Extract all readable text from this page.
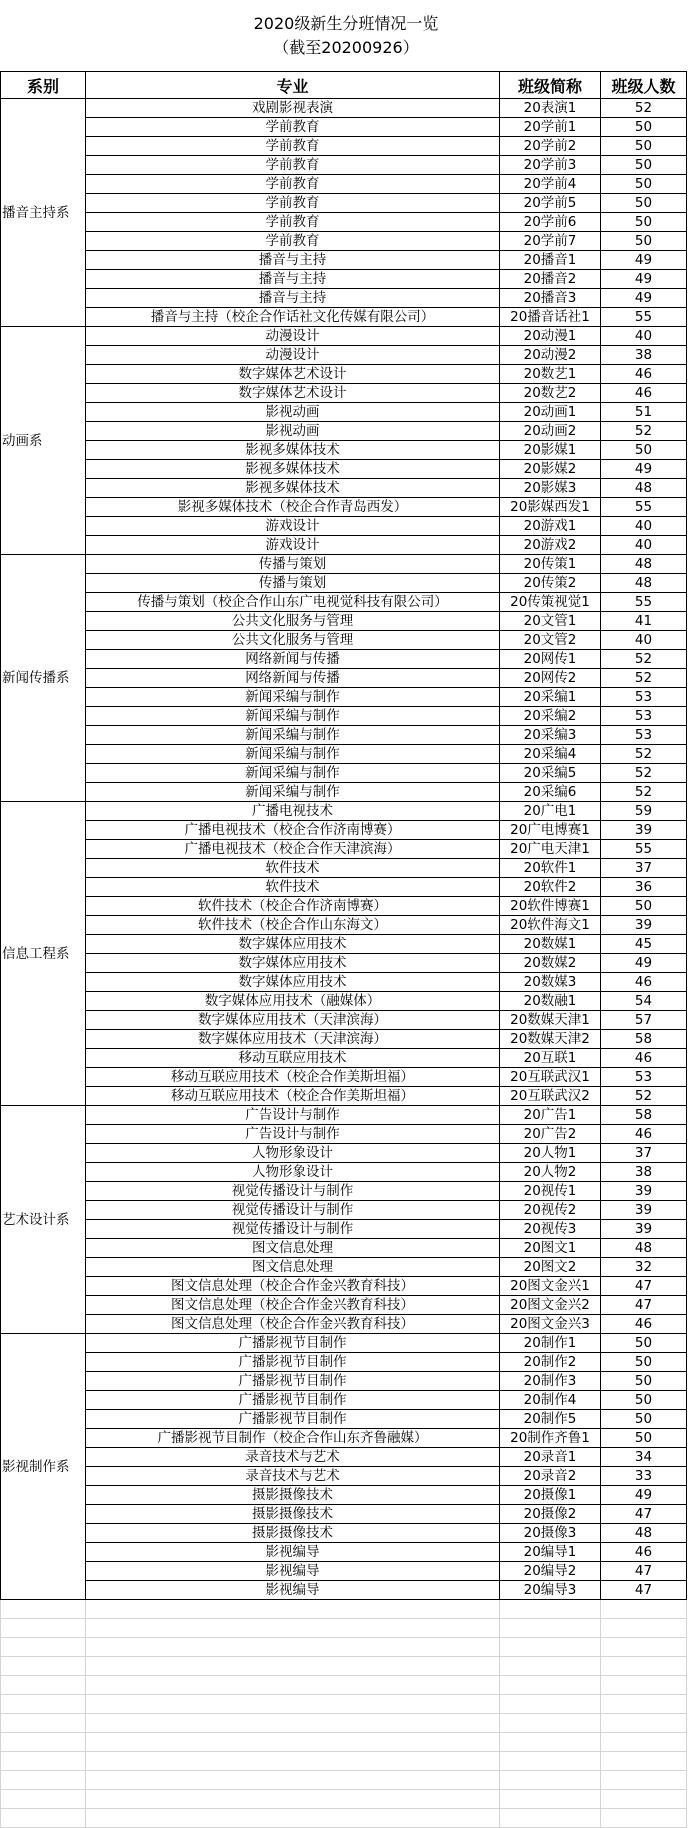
2020级新生分班情况一览
（截至20200926）
系别	专业	班级简称	班级人数
播音主持系	戏剧影视表演	20表演1	52
	学前教育	20学前1	50
	学前教育	20学前2	50
	学前教育	20学前3	50
	学前教育	20学前4	50
	学前教育	20学前5	50
	学前教育	20学前6	50
	学前教育	20学前7	50
	播音与主持	20播音1	49
	播音与主持	20播音2	49
	播音与主持	20播音3	49
	播音与主持（校企合作话社文化传媒有限公司）	20播音话社1	55
动画系	动漫设计	20动漫1	40
	动漫设计	20动漫2	38
	数字媒体艺术设计	20数艺1	46
	数字媒体艺术设计	20数艺2	46
	影视动画	20动画1	51
	影视动画	20动画2	52
	影视多媒体技术	20影媒1	50
	影视多媒体技术	20影媒2	49
	影视多媒体技术	20影媒3	48
	影视多媒体技术（校企合作青岛西发）	20影媒西发1	55
	游戏设计	20游戏1	40
	游戏设计	20游戏2	40
新闻传播系	传播与策划	20传策1	48
	传播与策划	20传策2	48
	传播与策划（校企合作山东广电视觉科技有限公司）	20传策视觉1	55
	公共文化服务与管理	20文管1	41
	公共文化服务与管理	20文管2	40
	网络新闻与传播	20网传1	52
	网络新闻与传播	20网传2	52
	新闻采编与制作	20采编1	53
	新闻采编与制作	20采编2	53
	新闻采编与制作	20采编3	53
	新闻采编与制作	20采编4	52
	新闻采编与制作	20采编5	52
	新闻采编与制作	20采编6	52
信息工程系	广播电视技术	20广电1	59
	广播电视技术（校企合作济南博赛）	20广电博赛1	39
	广播电视技术（校企合作天津滨海）	20广电天津1	55
	软件技术	20软件1	37
	软件技术	20软件2	36
	软件技术（校企合作济南博赛）	20软件博赛1	50
	软件技术（校企合作山东海文）	20软件海文1	39
	数字媒体应用技术	20数媒1	45
	数字媒体应用技术	20数媒2	49
	数字媒体应用技术	20数媒3	46
	数字媒体应用技术（融媒体）	20数融1	54
	数字媒体应用技术（天津滨海）	20数媒天津1	57
	数字媒体应用技术（天津滨海）	20数媒天津2	58
	移动互联应用技术	20互联1	46
	移动互联应用技术（校企合作美斯坦福）	20互联武汉1	53
	移动互联应用技术（校企合作美斯坦福）	20互联武汉2	52
艺术设计系	广告设计与制作	20广告1	58
	广告设计与制作	20广告2	46
	人物形象设计	20人物1	37
	人物形象设计	20人物2	38
	视觉传播设计与制作	20视传1	39
	视觉传播设计与制作	20视传2	39
	视觉传播设计与制作	20视传3	39
	图文信息处理	20图文1	48
	图文信息处理	20图文2	32
	图文信息处理（校企合作金兴教育科技）	20图文金兴1	47
	图文信息处理（校企合作金兴教育科技）	20图文金兴2	47
	图文信息处理（校企合作金兴教育科技）	20图文金兴3	46
影视制作系	广播影视节目制作	20制作1	50
	广播影视节目制作	20制作2	50
	广播影视节目制作	20制作3	50
	广播影视节目制作	20制作4	50
	广播影视节目制作	20制作5	50
	广播影视节目制作（校企合作山东齐鲁融媒）	20制作齐鲁1	50
	录音技术与艺术	20录音1	34
	录音技术与艺术	20录音2	33
	摄影摄像技术	20摄像1	49
	摄影摄像技术	20摄像2	47
	摄影摄像技术	20摄像3	48
	影视编导	20编导1	46
	影视编导	20编导2	47
	影视编导	20编导3	47
